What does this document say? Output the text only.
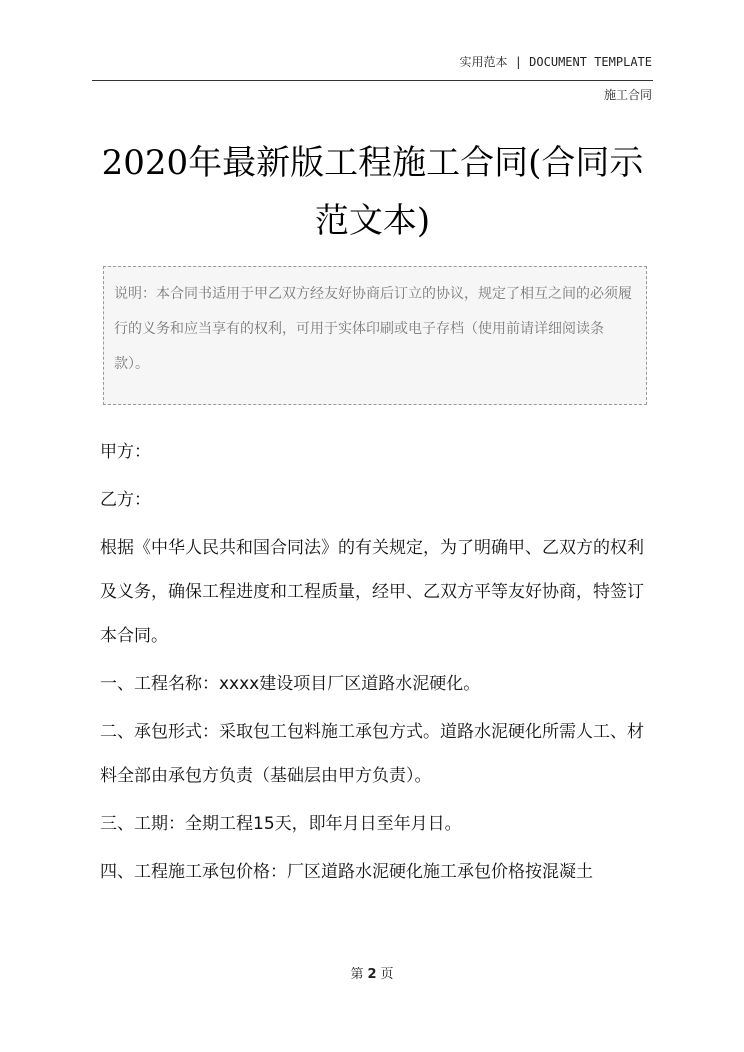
实用范本 | DOCUMENT TEMPLATE
施工合同
2020年最新版工程施工合同(合同示范文本)
说明：本合同书适用于甲乙双方经友好协商后订立的协议，规定了相互之间的必须履行的义务和应当享有的权利，可用于实体印刷或电子存档（使用前请详细阅读条款）。

甲方：

乙方：

根据《中华人民共和国合同法》的有关规定，为了明确甲、乙双方的权利及义务，确保工程进度和工程质量，经甲、乙双方平等友好协商，特签订本合同。

一、工程名称：xxxx建设项目厂区道路水泥硬化。

二、承包形式：采取包工包料施工承包方式。道路水泥硬化所需人工、材料全部由承包方负责（基础层由甲方负责）。

三、工期：全期工程15天，即年月日至年月日。

四、工程施工承包价格：厂区道路水泥硬化施工承包价格按混凝土

第 2 页
